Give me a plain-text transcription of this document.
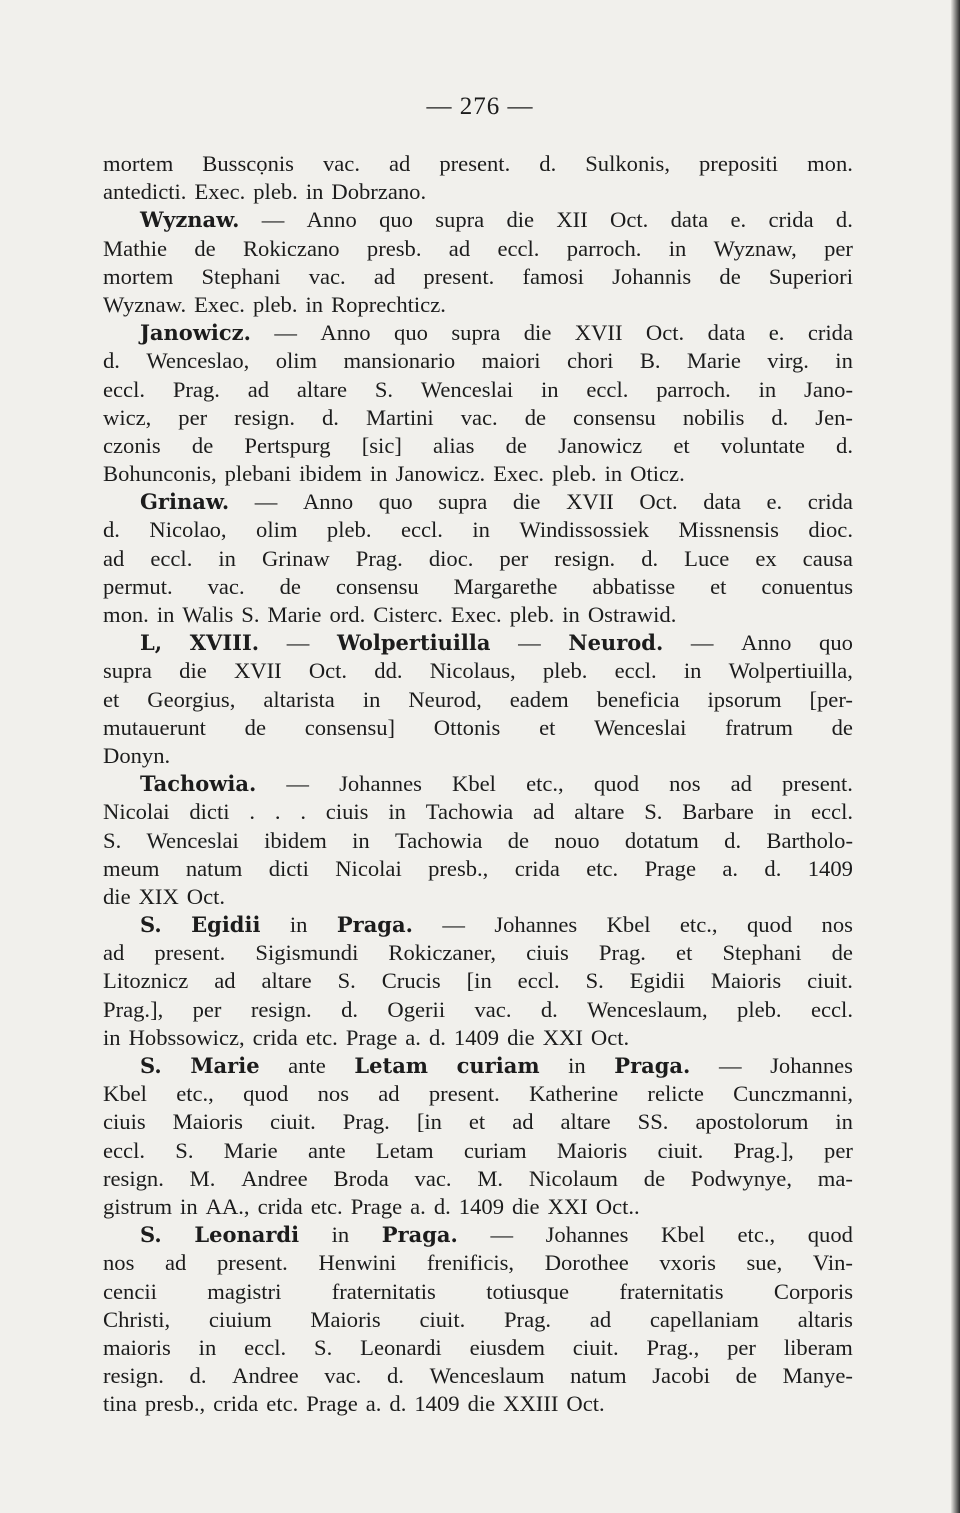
— 276 —
mortem Busscọnis vac. ad present. d. Sulkonis, prepositi mon.
antedicti. Exec. pleb. in Dobrzano.
Wyznaw. — Anno quo supra die XII Oct. data e. crida d.
Mathie de Rokiczano presb. ad eccl. parroch. in Wyznaw, per
mortem Stephani vac. ad present. famosi Johannis de Superiori
Wyznaw. Exec. pleb. in Roprechticz.
Janowicz. — Anno quo supra die XVII Oct. data e. crida
d. Wenceslao, olim mansionario maiori chori B. Marie virg. in
eccl. Prag. ad altare S. Wenceslai in eccl. parroch. in Jano-
wicz, per resign. d. Martini vac. de consensu nobilis d. Jen-
czonis de Pertspurg [sic] alias de Janowicz et voluntate d.
Bohunconis, plebani ibidem in Janowicz. Exec. pleb. in Oticz.
Grinaw. — Anno quo supra die XVII Oct. data e. crida
d. Nicolao, olim pleb. eccl. in Windissossiek Missnensis dioc.
ad eccl. in Grinaw Prag. dioc. per resign. d. Luce ex causa
permut. vac. de consensu Margarethe abbatisse et conuentus
mon. in Walis S. Marie ord. Cisterc. Exec. pleb. in Ostrawid.
L, XVIII. — Wolpertiuilla — Neurod. — Anno quo
supra die XVII Oct. dd. Nicolaus, pleb. eccl. in Wolpertiuilla,
et Georgius, altarista in Neurod, eadem beneficia ipsorum [per-
mutauerunt de consensu] Ottonis et Wenceslai fratrum de
Donyn.
Tachowia. — Johannes Kbel etc., quod nos ad present.
Nicolai dicti . . . ciuis in Tachowia ad altare S. Barbare in eccl.
S. Wenceslai ibidem in Tachowia de nouo dotatum d. Bartholo-
meum natum dicti Nicolai presb., crida etc. Prage a. d. 1409
die XIX Oct.
S. Egidii in Praga. — Johannes Kbel etc., quod nos
ad present. Sigismundi Rokiczaner, ciuis Prag. et Stephani de
Litoznicz ad altare S. Crucis [in eccl. S. Egidii Maioris ciuit.
Prag.], per resign. d. Ogerii vac. d. Wenceslaum, pleb. eccl.
in Hobssowicz, crida etc. Prage a. d. 1409 die XXI Oct.
S. Marie ante Letam curiam in Praga. — Johannes
Kbel etc., quod nos ad present. Katherine relicte Cunczmanni,
ciuis Maioris ciuit. Prag. [in et ad altare SS. apostolorum in
eccl. S. Marie ante Letam curiam Maioris ciuit. Prag.], per
resign. M. Andree Broda vac. M. Nicolaum de Podwynye, ma-
gistrum in AA., crida etc. Prage a. d. 1409 die XXI Oct..
S. Leonardi in Praga. — Johannes Kbel etc., quod
nos ad present. Henwini frenificis, Dorothee vxoris sue, Vin-
cencii magistri fraternitatis totiusque fraternitatis Corporis
Christi, ciuium Maioris ciuit. Prag. ad capellaniam altaris
maioris in eccl. S. Leonardi eiusdem ciuit. Prag., per liberam
resign. d. Andree vac. d. Wenceslaum natum Jacobi de Manye-
tina presb., crida etc. Prage a. d. 1409 die XXIII Oct.
